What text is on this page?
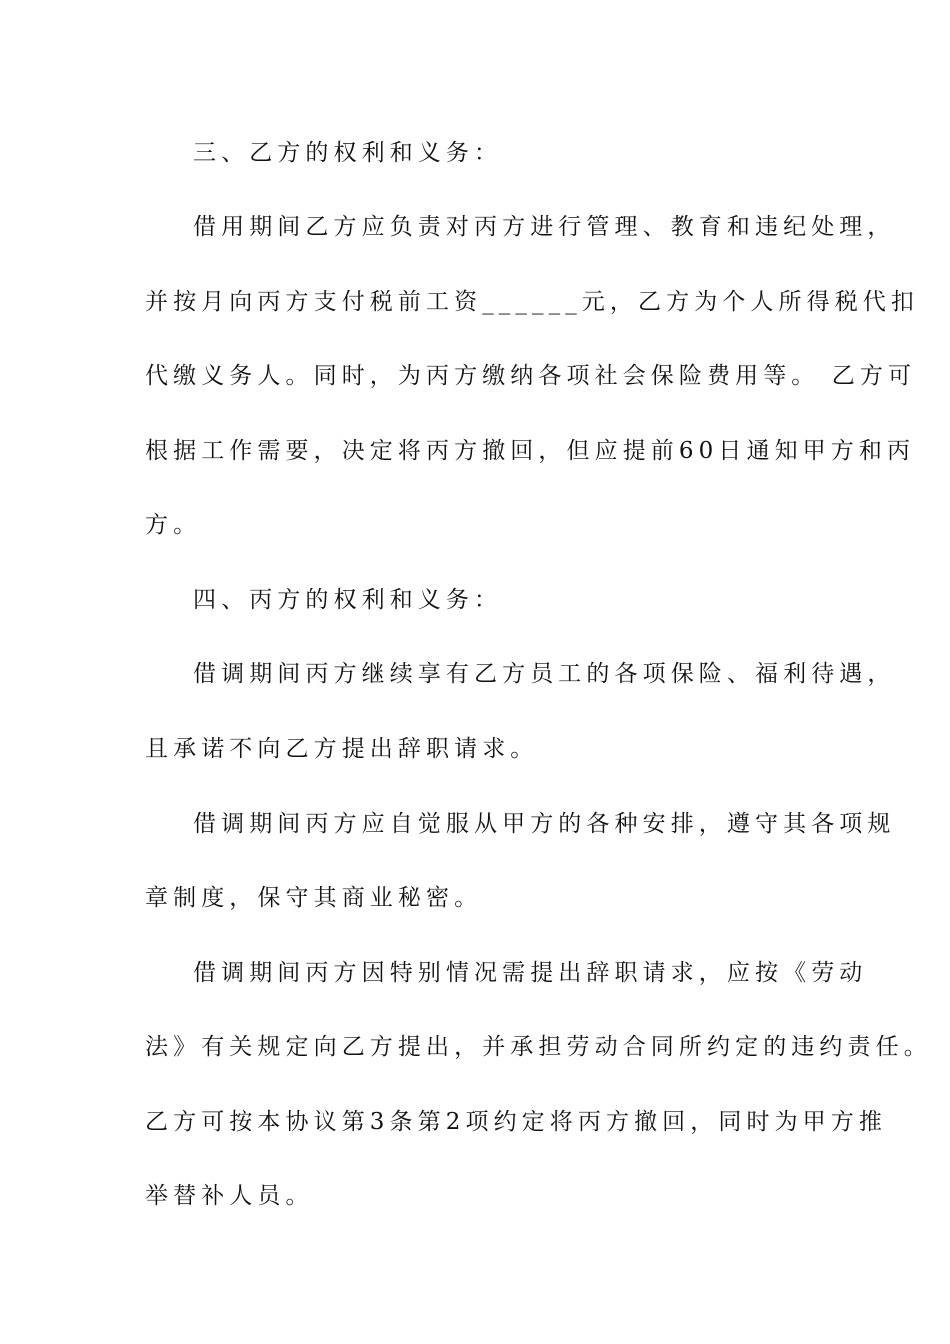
三、乙方的权利和义务：
借用期间乙方应负责对丙方进行管理、教育和违纪处理，
并按月向丙方支付税前工资______元，乙方为个人所得税代扣
代缴义务人。同时，为丙方缴纳各项社会保险费用等。 乙方可
根据工作需要，决定将丙方撤回，但应提前60日通知甲方和丙
方。
四、丙方的权利和义务：
借调期间丙方继续享有乙方员工的各项保险、福利待遇，
且承诺不向乙方提出辞职请求。
借调期间丙方应自觉服从甲方的各种安排，遵守其各项规
章制度，保守其商业秘密。
借调期间丙方因特别情况需提出辞职请求，应按《劳动
法》有关规定向乙方提出，并承担劳动合同所约定的违约责任。
乙方可按本协议第3条第2项约定将丙方撤回，同时为甲方推
举替补人员。
